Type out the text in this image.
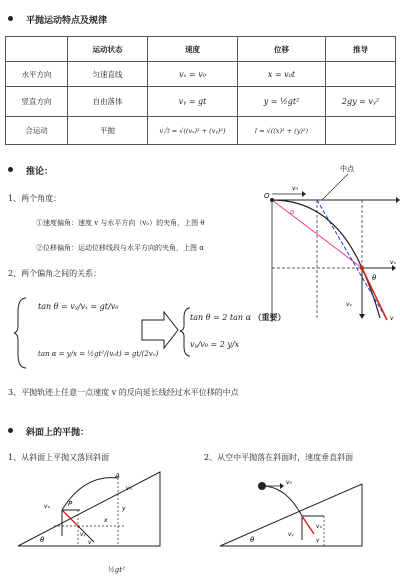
平抛运动特点及规律
	运动状态	速度	位移	推导
水平方向	匀速直线	vₓ = v₀	x = v₀t	
竖直方向	自由落体	vᵧ = gt	y = ½gt²	2gy = vᵧ²
合运动	平抛	v合 = √((vₓ)² + (vᵧ)²)	l = √((x)² + (y)²)	
推论：
1、两个角度：
①速度偏角：速度 v 与水平方向（v₀）的夹角，上图 θ
②位移偏角：运动位移线段与水平方向的夹角，上图 α
2、两个偏角之间的关系：
tan θ = vᵧ/vₓ = gt/v₀
tan α = y/x = ½gt²/(v₀t) = gt/(2v₀)
tan θ = 2 tan α （重要）
vᵧ/v₀ = 2 y/x
3、平抛轨迹上任意一点速度 v 的反向延长线经过水平位移的中点
中点
O
v₀
α
θ
vₓ
vᵧ
v
斜面上的平抛：
1、从斜面上平抛又落回斜面	2、从空中平抛落在斜面时，速度垂直斜面
A
P
θ
vₓ
vᵧ
x
y
v₀
v
v₀
θ
vₓ
vᵧ
v
½gt²
